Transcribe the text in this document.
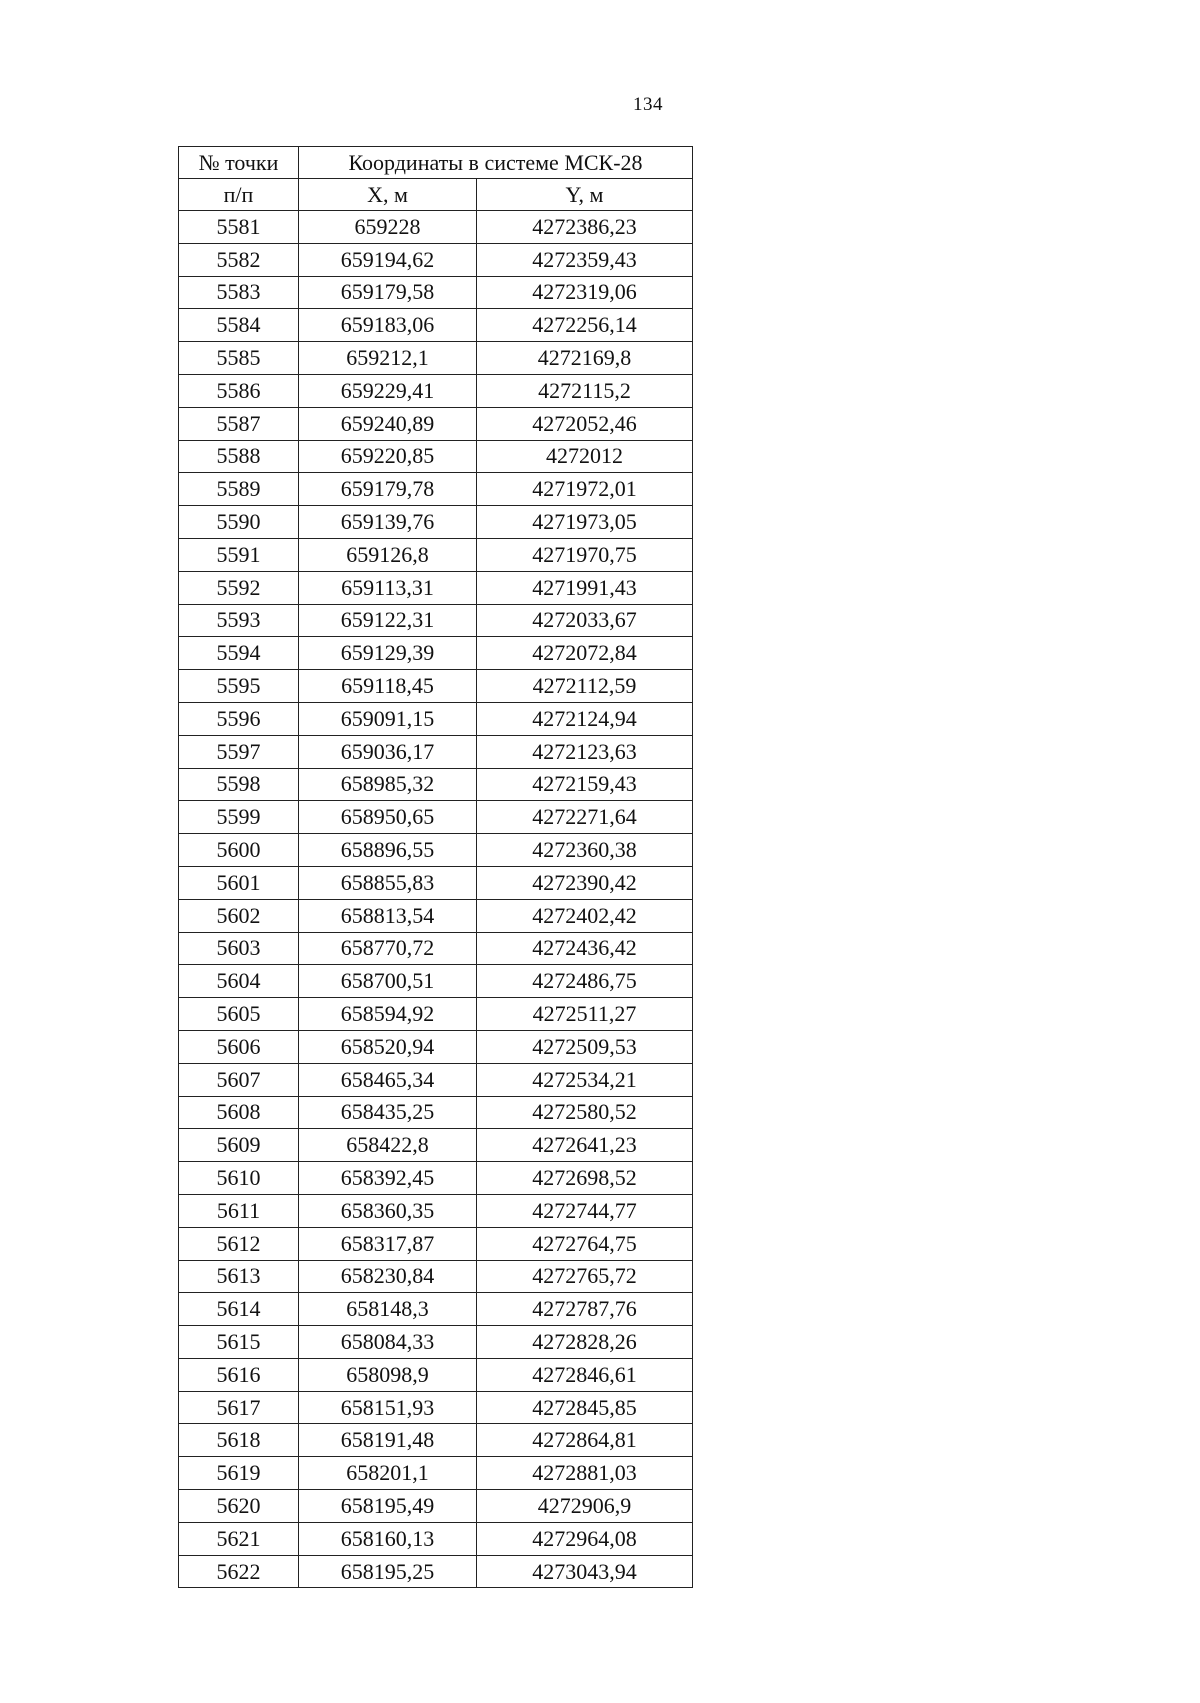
134
№ точки	Координаты в системе МСК-28	
п/п	X, м	Y, м
5581	659228	4272386,23
5582	659194,62	4272359,43
5583	659179,58	4272319,06
5584	659183,06	4272256,14
5585	659212,1	4272169,8
5586	659229,41	4272115,2
5587	659240,89	4272052,46
5588	659220,85	4272012
5589	659179,78	4271972,01
5590	659139,76	4271973,05
5591	659126,8	4271970,75
5592	659113,31	4271991,43
5593	659122,31	4272033,67
5594	659129,39	4272072,84
5595	659118,45	4272112,59
5596	659091,15	4272124,94
5597	659036,17	4272123,63
5598	658985,32	4272159,43
5599	658950,65	4272271,64
5600	658896,55	4272360,38
5601	658855,83	4272390,42
5602	658813,54	4272402,42
5603	658770,72	4272436,42
5604	658700,51	4272486,75
5605	658594,92	4272511,27
5606	658520,94	4272509,53
5607	658465,34	4272534,21
5608	658435,25	4272580,52
5609	658422,8	4272641,23
5610	658392,45	4272698,52
5611	658360,35	4272744,77
5612	658317,87	4272764,75
5613	658230,84	4272765,72
5614	658148,3	4272787,76
5615	658084,33	4272828,26
5616	658098,9	4272846,61
5617	658151,93	4272845,85
5618	658191,48	4272864,81
5619	658201,1	4272881,03
5620	658195,49	4272906,9
5621	658160,13	4272964,08
5622	658195,25	4273043,94
